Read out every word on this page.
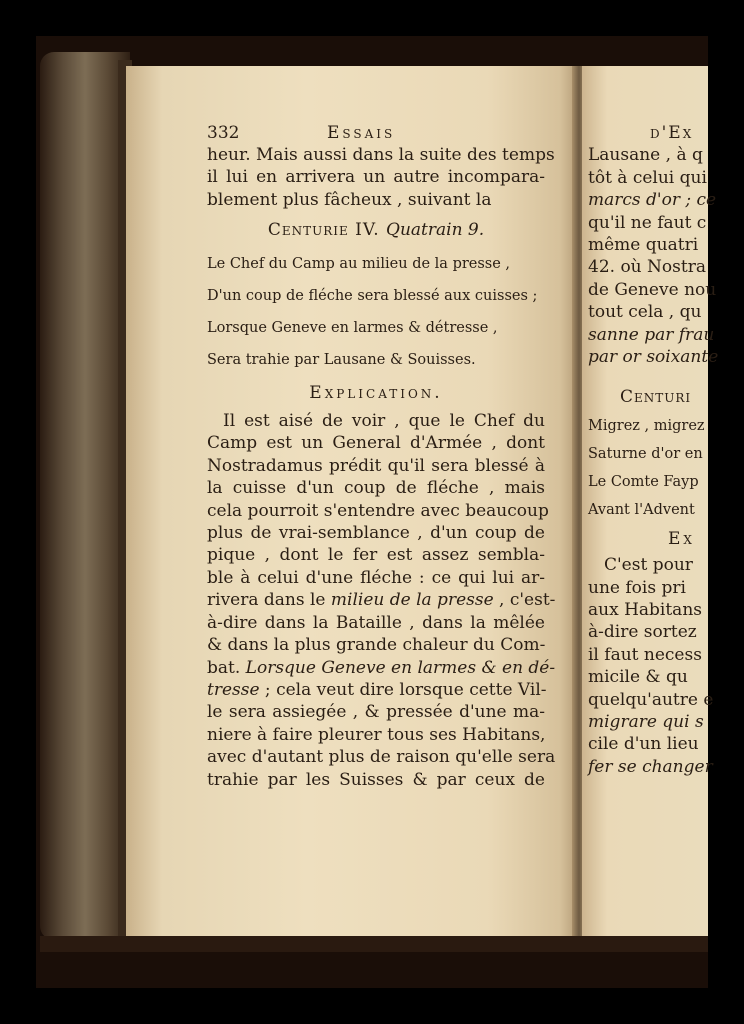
332	Essais
heur. Mais aussi dans la suite des temps
il lui en arrivera un autre incompara-
blement plus fâcheux , suivant la
Centurie IV. Quatrain 9.
Le Chef du Camp au milieu de la presse ,
D'un coup de fléche sera blessé aux cuisses ;
Lorsque Geneve en larmes & détresse ,
Sera trahie par Lausane & Souisses.
Explication.
Il est aisé de voir , que le Chef du
Camp est un General d'Armée , dont
Nostradamus prédit qu'il sera blessé à
la cuisse d'un coup de fléche , mais
cela pourroit s'entendre avec beaucoup
plus de vrai-semblance , d'un coup de
pique , dont le fer est assez sembla-
ble à celui d'une fléche : ce qui lui ar-
rivera dans le milieu de la presse , c'est-
à-dire dans la Bataille , dans la mêlée
& dans la plus grande chaleur du Com-
bat. Lorsque Geneve en larmes & en dé-
tresse ; cela veut dire lorsque cette Vil-
le sera assiegée , & pressée d'une ma-
niere à faire pleurer tous ses Habitans,
avec d'autant plus de raison qu'elle sera
trahie par les Suisses & par ceux de
d'Ex
Lausane , à q
tôt à celui qui
marcs d'or ; ce
qu'il ne faut c
même quatri
42. où Nostra
de Geneve nou
tout cela , qu
sanne par frau
par or soixante
Centuri
Migrez , migrez
Saturne d'or en
Le Comte Fayp
Avant l'Advent
Ex
C'est pour
une fois pri
aux Habitans
à-dire sortez
il faut necess
micile & qu
quelqu'autre e
migrare qui s
cile d'un lieu
fer se changer
